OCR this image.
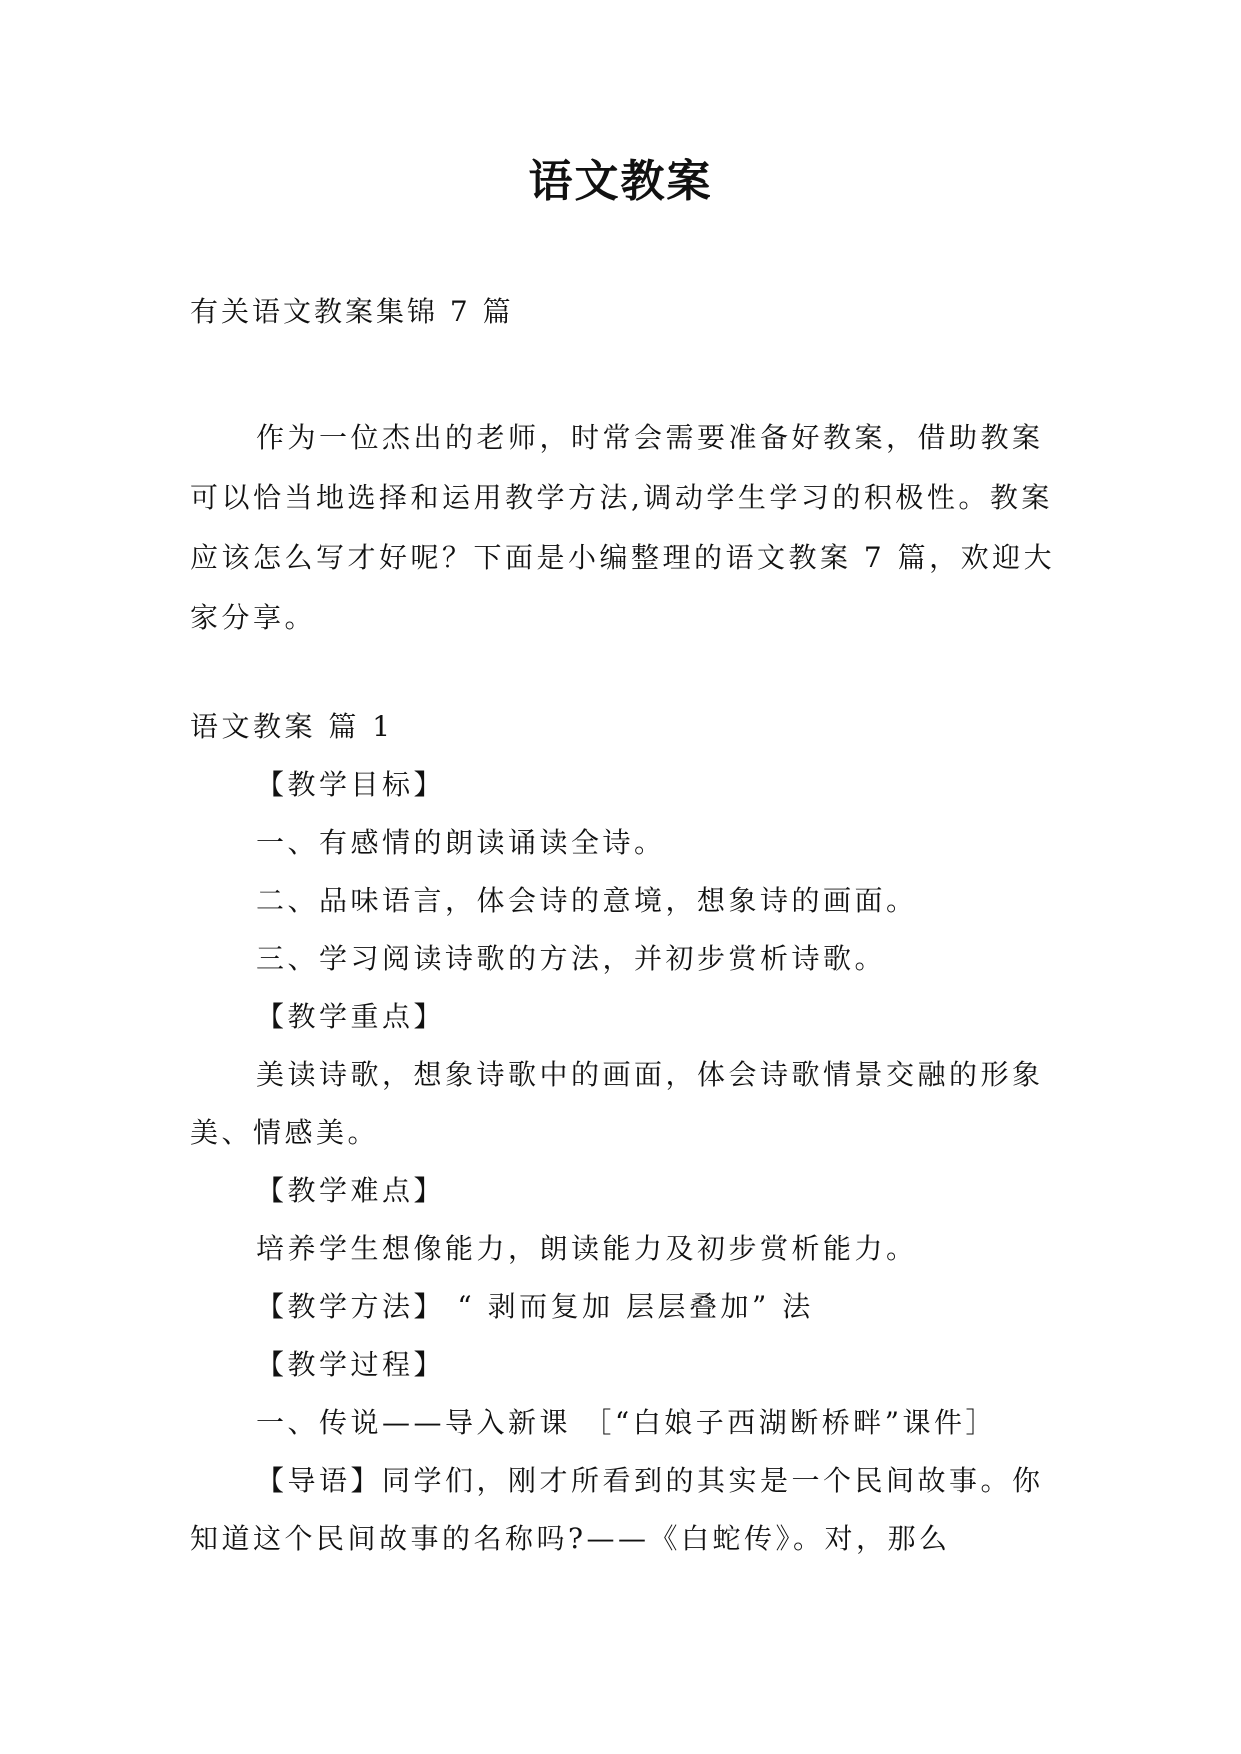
语文教案

有关语文教案集锦 7 篇

作为一位杰出的老师，时常会需要准备好教案，借助教案可以恰当地选择和运用教学方法,调动学生学习的积极性。教案应该怎么写才好呢？下面是小编整理的语文教案 7 篇，欢迎大家分享。

语文教案 篇 1

【教学目标】

一、有感情的朗读诵读全诗。

二、品味语言，体会诗的意境，想象诗的画面。

三、学习阅读诗歌的方法，并初步赏析诗歌。

【教学重点】

美读诗歌，想象诗歌中的画面，体会诗歌情景交融的形象美、情感美。

【教学难点】

培养学生想像能力，朗读能力及初步赏析能力。

【教学方法】 “ 剥而复加 层层叠加” 法

【教学过程】

一、传说——导入新课 ［“白娘子西湖断桥畔”课件］

【导语】同学们，刚才所看到的其实是一个民间故事。你知道这个民间故事的名称吗?——《白蛇传》。对，那么
